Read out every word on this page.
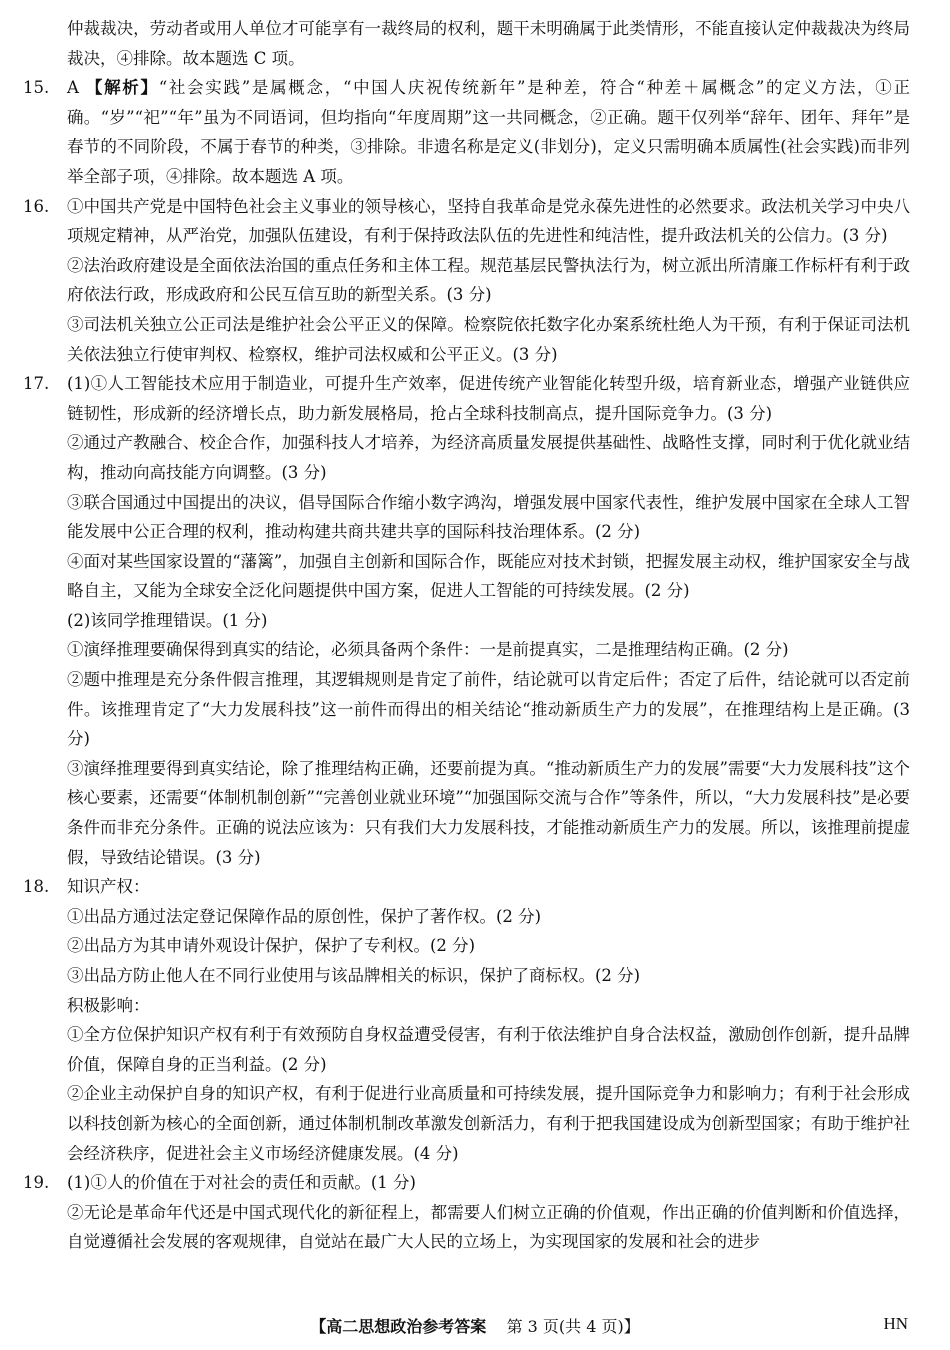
仲裁裁决，劳动者或用人单位才可能享有一裁终局的权利，题干未明确属于此类情形，不能直接认定仲裁裁决为终局裁决，④排除。故本题选 C 项。
15.	A 【解析】“社会实践”是属概念，“中国人庆祝传统新年”是种差，符合“种差＋属概念”的定义方法，①正确。“岁”“祀”“年”虽为不同语词，但均指向“年度周期”这一共同概念，②正确。题干仅列举“辞年、团年、拜年”是春节的不同阶段，不属于春节的种类，③排除。非遗名称是定义(非划分)，定义只需明确本质属性(社会实践)而非列举全部子项，④排除。故本题选 A 项。
16.	①中国共产党是中国特色社会主义事业的领导核心，坚持自我革命是党永葆先进性的必然要求。政法机关学习中央八项规定精神，从严治党，加强队伍建设，有利于保持政法队伍的先进性和纯洁性，提升政法机关的公信力。(3 分)
②法治政府建设是全面依法治国的重点任务和主体工程。规范基层民警执法行为，树立派出所清廉工作标杆有利于政府依法行政，形成政府和公民互信互助的新型关系。(3 分)
③司法机关独立公正司法是维护社会公平正义的保障。检察院依托数字化办案系统杜绝人为干预，有利于保证司法机关依法独立行使审判权、检察权，维护司法权威和公平正义。(3 分)
17.	(1)①人工智能技术应用于制造业，可提升生产效率，促进传统产业智能化转型升级，培育新业态，增强产业链供应链韧性，形成新的经济增长点，助力新发展格局，抢占全球科技制高点，提升国际竞争力。(3 分)
②通过产教融合、校企合作，加强科技人才培养，为经济高质量发展提供基础性、战略性支撑，同时利于优化就业结构，推动向高技能方向调整。(3 分)
③联合国通过中国提出的决议，倡导国际合作缩小数字鸿沟，增强发展中国家代表性，维护发展中国家在全球人工智能发展中公正合理的权利，推动构建共商共建共享的国际科技治理体系。(2 分)
④面对某些国家设置的“藩篱”，加强自主创新和国际合作，既能应对技术封锁，把握发展主动权，维护国家安全与战略自主，又能为全球安全泛化问题提供中国方案，促进人工智能的可持续发展。(2 分)
(2)该同学推理错误。(1 分)
①演绎推理要确保得到真实的结论，必须具备两个条件：一是前提真实，二是推理结构正确。(2 分)
②题中推理是充分条件假言推理，其逻辑规则是肯定了前件，结论就可以肯定后件；否定了后件，结论就可以否定前件。该推理肯定了“大力发展科技”这一前件而得出的相关结论“推动新质生产力的发展”，在推理结构上是正确。(3 分)
③演绎推理要得到真实结论，除了推理结构正确，还要前提为真。“推动新质生产力的发展”需要“大力发展科技”这个核心要素，还需要“体制机制创新”“完善创业就业环境”“加强国际交流与合作”等条件，所以，“大力发展科技”是必要条件而非充分条件。正确的说法应该为：只有我们大力发展科技，才能推动新质生产力的发展。所以，该推理前提虚假，导致结论错误。(3 分)
18.	知识产权：
①出品方通过法定登记保障作品的原创性，保护了著作权。(2 分)
②出品方为其申请外观设计保护，保护了专利权。(2 分)
③出品方防止他人在不同行业使用与该品牌相关的标识，保护了商标权。(2 分)
积极影响：
①全方位保护知识产权有利于有效预防自身权益遭受侵害，有利于依法维护自身合法权益，激励创作创新，提升品牌价值，保障自身的正当利益。(2 分)
②企业主动保护自身的知识产权，有利于促进行业高质量和可持续发展，提升国际竞争力和影响力；有利于社会形成以科技创新为核心的全面创新，通过体制机制改革激发创新活力，有利于把我国建设成为创新型国家；有助于维护社会经济秩序，促进社会主义市场经济健康发展。(4 分)
19.	(1)①人的价值在于对社会的责任和贡献。(1 分)
②无论是革命年代还是中国式现代化的新征程上，都需要人们树立正确的价值观，作出正确的价值判断和价值选择，自觉遵循社会发展的客观规律，自觉站在最广大人民的立场上，为实现国家的发展和社会的进步
【高二思想政治参考答案 第 3 页(共 4 页)】	HN
